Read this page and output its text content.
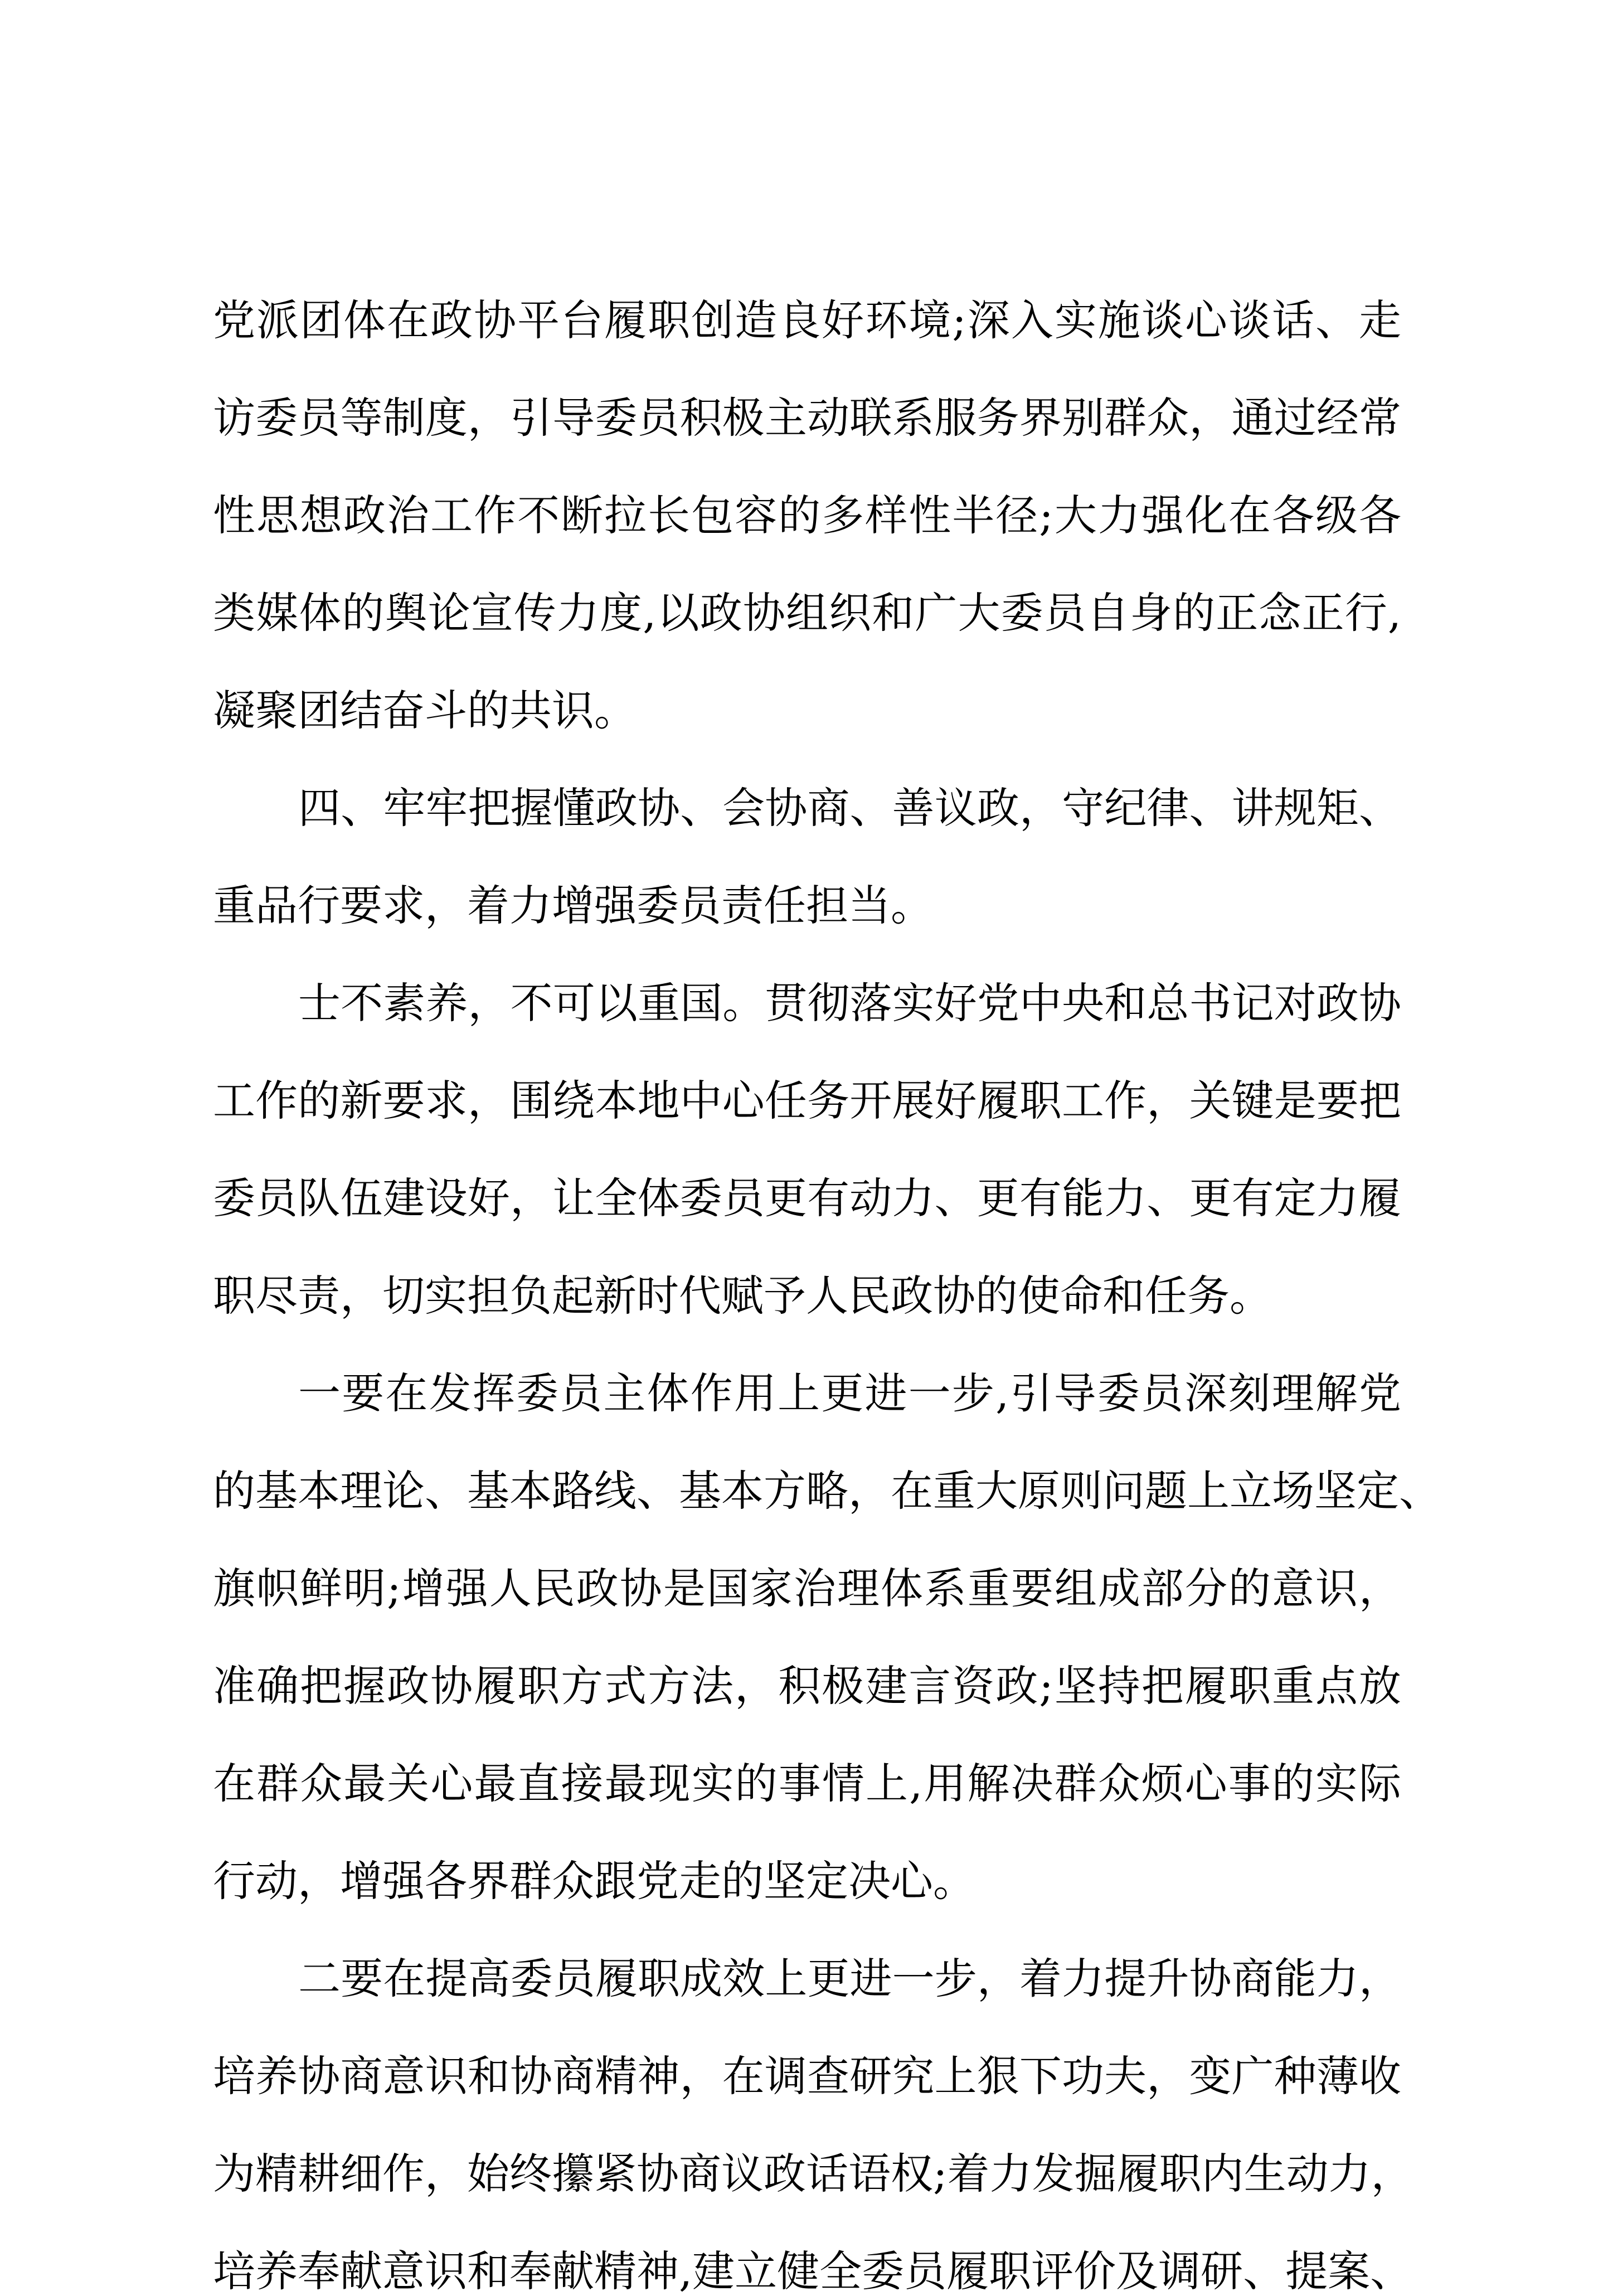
党派团体在政协平台履职创造良好环境;深入实施谈心谈话、走
访委员等制度，引导委员积极主动联系服务界别群众，通过经常
性思想政治工作不断拉长包容的多样性半径;大力强化在各级各
类媒体的舆论宣传力度,以政协组织和广大委员自身的正念正行,
凝聚团结奋斗的共识。
四、牢牢把握懂政协、会协商、善议政，守纪律、讲规矩、
重品行要求，着力增强委员责任担当。
士不素养，不可以重国。贯彻落实好党中央和总书记对政协
工作的新要求，围绕本地中心任务开展好履职工作，关键是要把
委员队伍建设好，让全体委员更有动力、更有能力、更有定力履
职尽责，切实担负起新时代赋予人民政协的使命和任务。
一要在发挥委员主体作用上更进一步,引导委员深刻理解党
的基本理论、基本路线、基本方略，在重大原则问题上立场坚定、
旗帜鲜明;增强人民政协是国家治理体系重要组成部分的意识，
准确把握政协履职方式方法，积极建言资政;坚持把履职重点放
在群众最关心最直接最现实的事情上,用解决群众烦心事的实际
行动，增强各界群众跟党走的坚定决心。
二要在提高委员履职成效上更进一步，着力提升协商能力，
培养协商意识和协商精神，在调查研究上狠下功夫，变广种薄收
为精耕细作，始终攥紧协商议政话语权;着力发掘履职内生动力，
培养奉献意识和奉献精神,建立健全委员履职评价及调研、提案、
